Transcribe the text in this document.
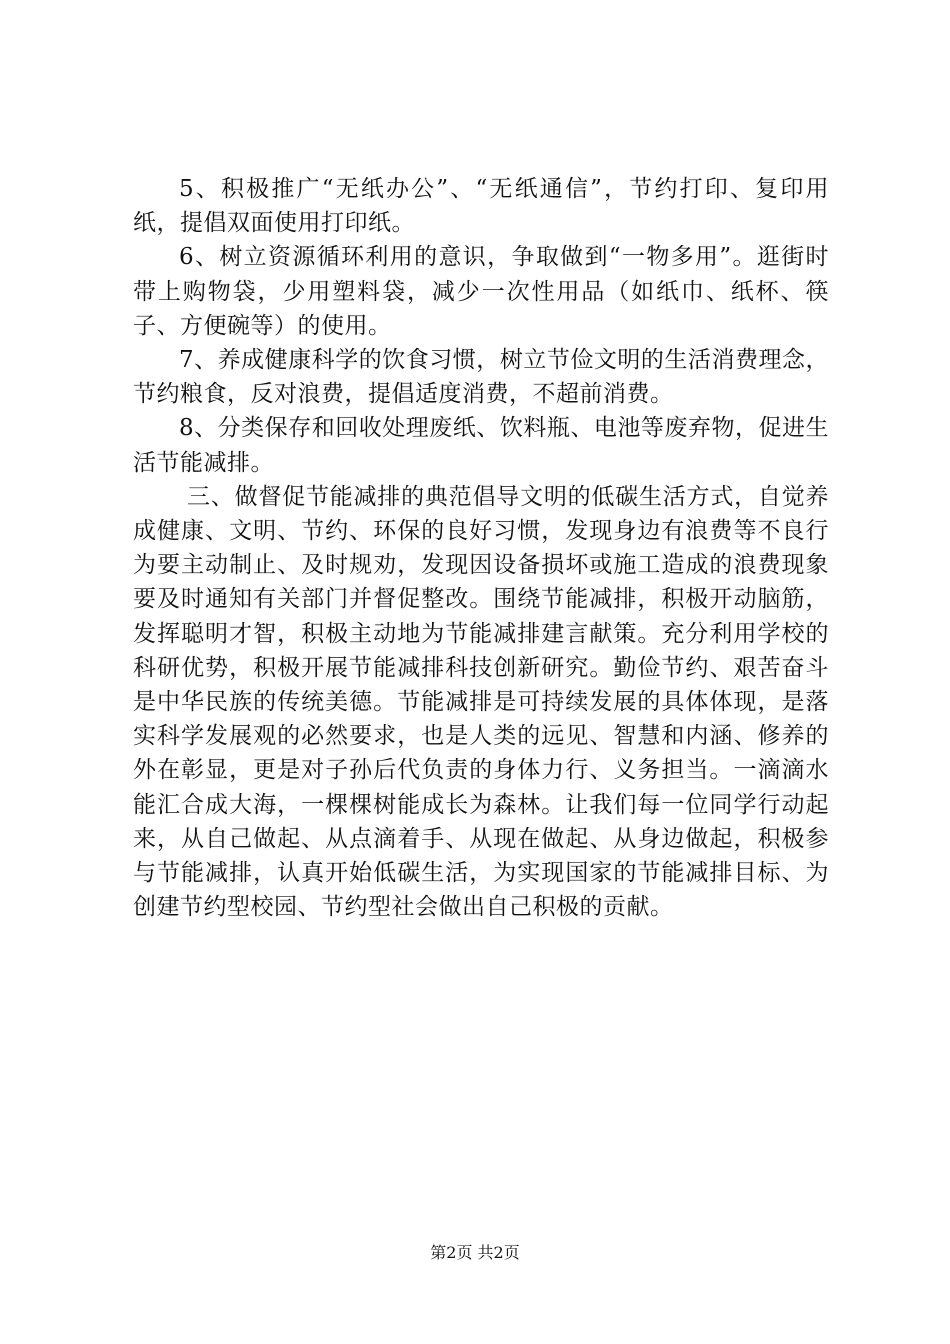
5、积极推广“无纸办公”、“无纸通信”，节约打印、复印用纸，提倡双面使用打印纸。

6、树立资源循环利用的意识，争取做到“一物多用”。逛街时带上购物袋，少用塑料袋，减少一次性用品（如纸巾、纸杯、筷子、方便碗等）的使用。

7、养成健康科学的饮食习惯，树立节俭文明的生活消费理念，节约粮食，反对浪费，提倡适度消费，不超前消费。

8、分类保存和回收处理废纸、饮料瓶、电池等废弃物，促进生活节能减排。

三、做督促节能减排的典范倡导文明的低碳生活方式，自觉养成健康、文明、节约、环保的良好习惯，发现身边有浪费等不良行为要主动制止、及时规劝，发现因设备损坏或施工造成的浪费现象要及时通知有关部门并督促整改。围绕节能减排，积极开动脑筋，发挥聪明才智，积极主动地为节能减排建言献策。充分利用学校的科研优势，积极开展节能减排科技创新研究。勤俭节约、艰苦奋斗是中华民族的传统美德。节能减排是可持续发展的具体体现，是落实科学发展观的必然要求，也是人类的远见、智慧和内涵、修养的外在彰显，更是对子孙后代负责的身体力行、义务担当。一滴滴水能汇合成大海，一棵棵树能成长为森林。让我们每一位同学行动起来，从自己做起、从点滴着手、从现在做起、从身边做起，积极参与节能减排，认真开始低碳生活，为实现国家的节能减排目标、为创建节约型校园、节约型社会做出自己积极的贡献。

第2页 共2页
